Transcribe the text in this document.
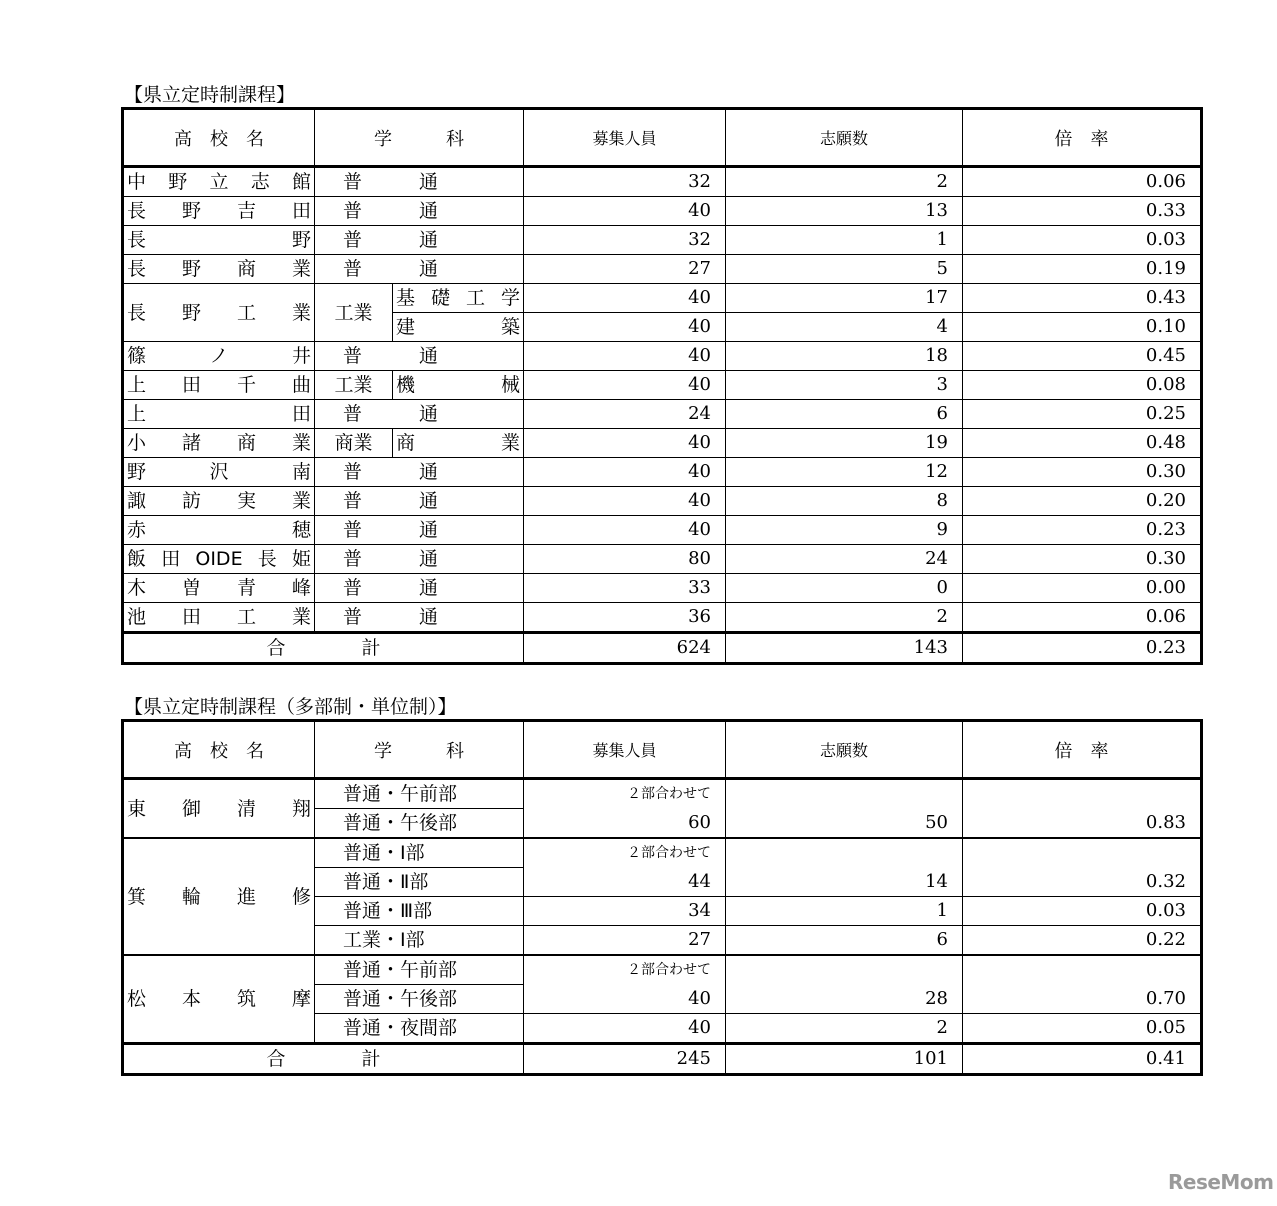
【県立定時制課程】
高　校　名	学　　　科		募集人員	志願数	倍　率

中 野 立 志 館	普　　　通		32	2	0.06

長 野 吉 田	普　　　通		40	13	0.33

長 野	普　　　通		32	1	0.03

長 野 商 業	普　　　通		27	5	0.19

長 野 工 業	工業	基 礎 工 学	40	17	0.43

		建 築	40	4	0.10

篠 ノ 井	普　　　通		40	18	0.45

上 田 千 曲	工業	機 械	40	3	0.08

上 田	普　　　通		24	6	0.25

小 諸 商 業	商業	商 業	40	19	0.48

野 沢 南	普　　　通		40	12	0.30

諏 訪 実 業	普　　　通		40	8	0.20

赤 穂	普　　　通		40	9	0.23

飯 田 OIDE 長 姫	普　　　通		80	24	0.30

木 曽 青 峰	普　　　通		33	0	0.00

池 田 工 業	普　　　通		36	2	0.06
合　　　　計			624	143	0.23
【県立定時制課程（多部制・単位制）】
高　校　名	学　　　科	募集人員	志願数	倍　率

東 御 清 翔	普通・午前部	２部合わせて		
	普通・午後部	60	50	0.83

箕 輪 進 修	普通・Ⅰ部	２部合わせて		
	普通・Ⅱ部	44	14	0.32
	普通・Ⅲ部	34	1	0.03
	工業・Ⅰ部	27	6	0.22

松 本 筑 摩	普通・午前部	２部合わせて		
	普通・午後部	40	28	0.70
	普通・夜間部	40	2	0.05
合　　　　計		245	101	0.41
ReseMom
